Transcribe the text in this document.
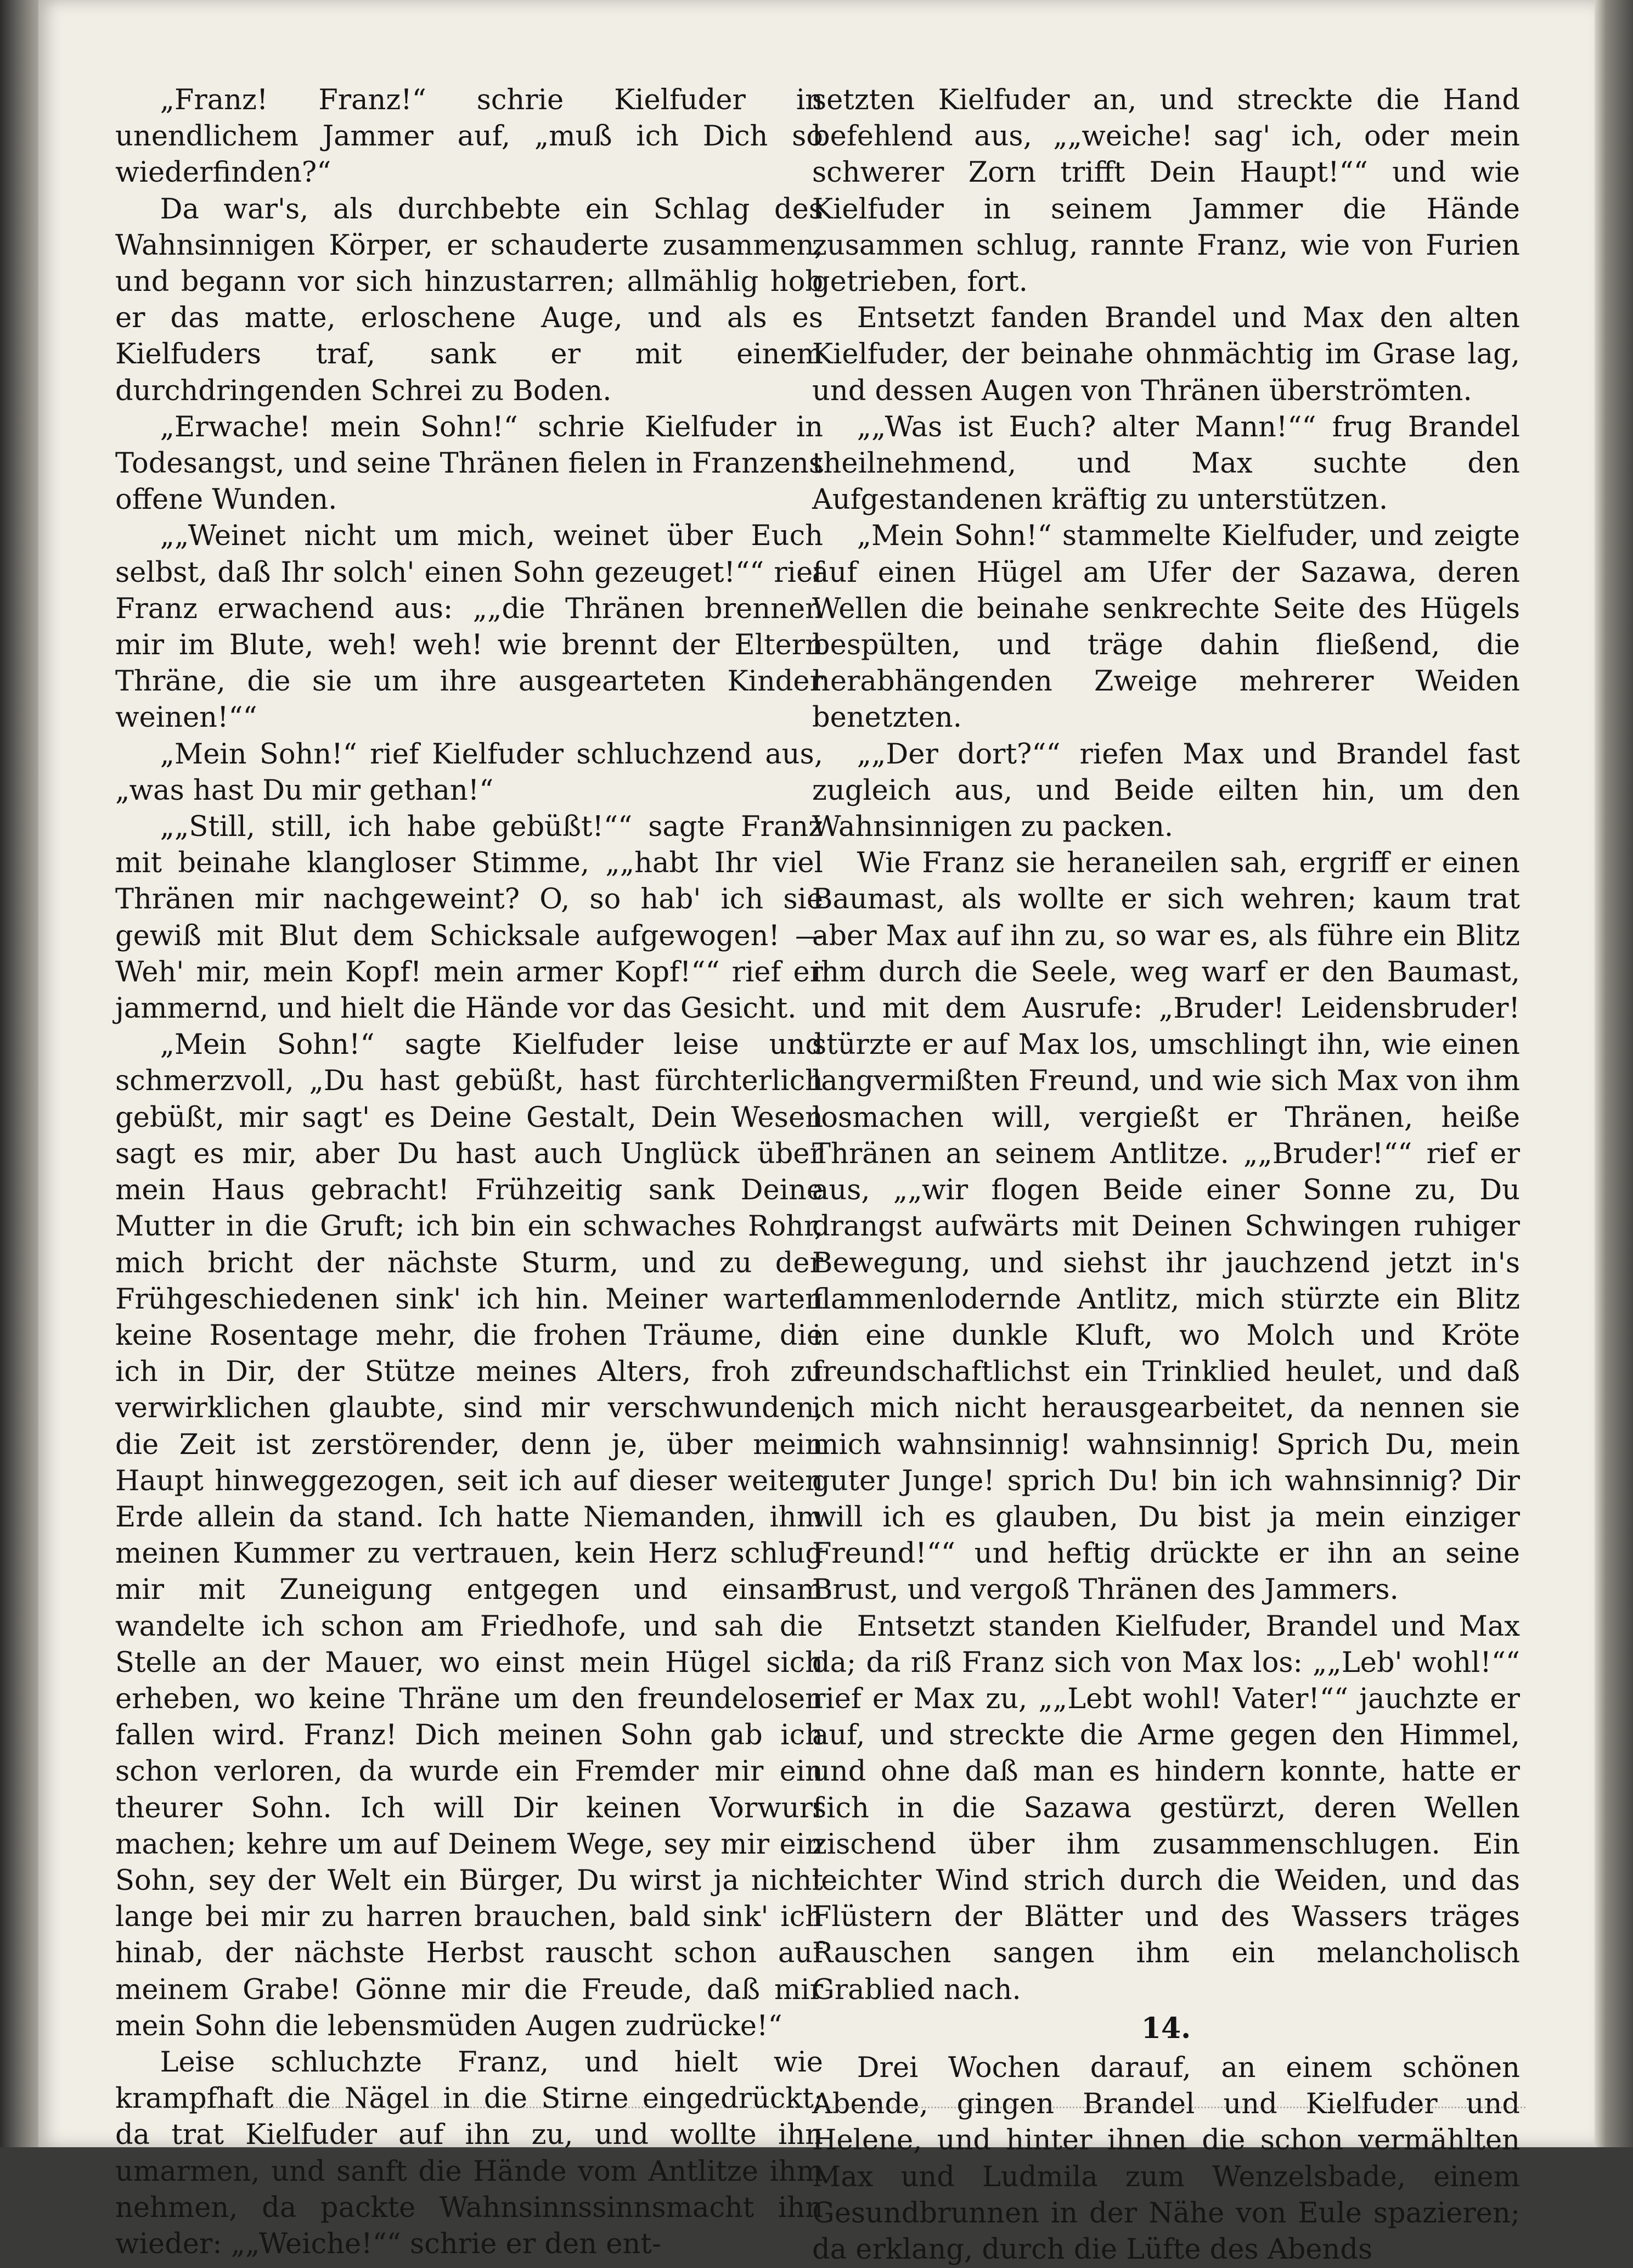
„Franz! Franz!“ schrie Kielfuder in unendlichem Jammer auf, „muß ich Dich so wiederfinden?“

Da war's, als durchbebte ein Schlag des Wahnsinnigen Körper, er schauderte zusammen, und begann vor sich hinzustarren; allmählig hob er das matte, erloschene Auge, und als es Kielfuders traf, sank er mit einem durchdringenden Schrei zu Boden.

„Erwache! mein Sohn!“ schrie Kielfuder in Todesangst, und seine Thränen fielen in Franzens offene Wunden.

„„Weinet nicht um mich, weinet über Euch selbst, daß Ihr solch' einen Sohn gezeuget!““ rief Franz erwachend aus: „„die Thränen brennen mir im Blute, weh! weh! wie brennt der Eltern Thräne, die sie um ihre ausgearteten Kinder weinen!““

„Mein Sohn!“ rief Kielfuder schluchzend aus, „was hast Du mir gethan!“

„„Still, still, ich habe gebüßt!““ sagte Franz mit beinahe klangloser Stimme, „„habt Ihr viel Thränen mir nachgeweint? O, so hab' ich sie gewiß mit Blut dem Schicksale aufgewogen! — Weh' mir, mein Kopf! mein armer Kopf!““ rief er jammernd, und hielt die Hände vor das Gesicht.

„Mein Sohn!“ sagte Kielfuder leise und schmerzvoll, „Du hast gebüßt, hast fürchterlich gebüßt, mir sagt' es Deine Gestalt, Dein Wesen sagt es mir, aber Du hast auch Unglück über mein Haus gebracht! Frühzeitig sank Deine Mutter in die Gruft; ich bin ein schwaches Rohr, mich bricht der nächste Sturm, und zu der Frühgeschiedenen sink' ich hin. Meiner warten keine Rosentage mehr, die frohen Träume, die ich in Dir, der Stütze meines Alters, froh zu verwirklichen glaubte, sind mir verschwunden, die Zeit ist zerstörender, denn je, über mein Haupt hinweggezogen, seit ich auf dieser weiten Erde allein da stand. Ich hatte Niemanden, ihm meinen Kummer zu vertrauen, kein Herz schlug mir mit Zuneigung entgegen und einsam wandelte ich schon am Friedhofe, und sah die Stelle an der Mauer, wo einst mein Hügel sich erheben, wo keine Thräne um den freundelosen fallen wird. Franz! Dich meinen Sohn gab ich schon verloren, da wurde ein Fremder mir ein theurer Sohn. Ich will Dir keinen Vorwurf machen; kehre um auf Deinem Wege, sey mir ein Sohn, sey der Welt ein Bürger, Du wirst ja nicht lange bei mir zu harren brauchen, bald sink' ich hinab, der nächste Herbst rauscht schon auf meinem Grabe! Gönne mir die Freude, daß mir mein Sohn die lebensmüden Augen zudrücke!“

Leise schluchzte Franz, und hielt wie krampfhaft die Nägel in die Stirne eingedrückt; da trat Kielfuder auf ihn zu, und wollte ihn umarmen, und sanft die Hände vom Antlitze ihm nehmen, da packte Wahnsinnssinnsmacht ihn wieder: „„Weiche!““ schrie er den ent-

setzten Kielfuder an, und streckte die Hand befehlend aus, „„weiche! sag' ich, oder mein schwerer Zorn trifft Dein Haupt!““ und wie Kielfuder in seinem Jammer die Hände zusammen schlug, rannte Franz, wie von Furien getrieben, fort.

Entsetzt fanden Brandel und Max den alten Kielfuder, der beinahe ohnmächtig im Grase lag, und dessen Augen von Thränen überströmten.

„„Was ist Euch? alter Mann!““ frug Brandel theilnehmend, und Max suchte den Aufgestandenen kräftig zu unterstützen.

„Mein Sohn!“ stammelte Kielfuder, und zeigte auf einen Hügel am Ufer der Sazawa, deren Wellen die beinahe senkrechte Seite des Hügels bespülten, und träge dahin fließend, die herabhängenden Zweige mehrerer Weiden benetzten.

„„Der dort?““ riefen Max und Brandel fast zugleich aus, und Beide eilten hin, um den Wahnsinnigen zu packen.

Wie Franz sie heraneilen sah, ergriff er einen Baumast, als wollte er sich wehren; kaum trat aber Max auf ihn zu, so war es, als führe ein Blitz ihm durch die Seele, weg warf er den Baumast, und mit dem Ausrufe: „Bruder! Leidensbruder! stürzte er auf Max los, umschlingt ihn, wie einen langvermißten Freund, und wie sich Max von ihm losmachen will, vergießt er Thränen, heiße Thränen an seinem Antlitze. „„Bruder!““ rief er aus, „„wir flogen Beide einer Sonne zu, Du drangst aufwärts mit Deinen Schwingen ruhiger Bewegung, und siehst ihr jauchzend jetzt in's flammenlodernde Antlitz, mich stürzte ein Blitz in eine dunkle Kluft, wo Molch und Kröte freundschaftlichst ein Trinklied heulet, und daß ich mich nicht herausgearbeitet, da nennen sie mich wahnsinnig! wahnsinnig! Sprich Du, mein guter Junge! sprich Du! bin ich wahnsinnig? Dir will ich es glauben, Du bist ja mein einziger Freund!““ und heftig drückte er ihn an seine Brust, und vergoß Thränen des Jammers.

Entsetzt standen Kielfuder, Brandel und Max da; da riß Franz sich von Max los: „„Leb' wohl!““ rief er Max zu, „„Lebt wohl! Vater!““ jauchzte er auf, und streckte die Arme gegen den Himmel, und ohne daß man es hindern konnte, hatte er sich in die Sazawa gestürzt, deren Wellen zischend über ihm zusammenschlugen. Ein leichter Wind strich durch die Weiden, und das Flüstern der Blätter und des Wassers träges Rauschen sangen ihm ein melancholisch Grablied nach.

14.

Drei Wochen darauf, an einem schönen Abende, gingen Brandel und Kielfuder und Helene, und hinter ihnen die schon vermählten Max und Ludmila zum Wenzelsbade, einem Gesundbrunnen in der Nähe von Eule spazieren; da erklang, durch die Lüfte des Abends
